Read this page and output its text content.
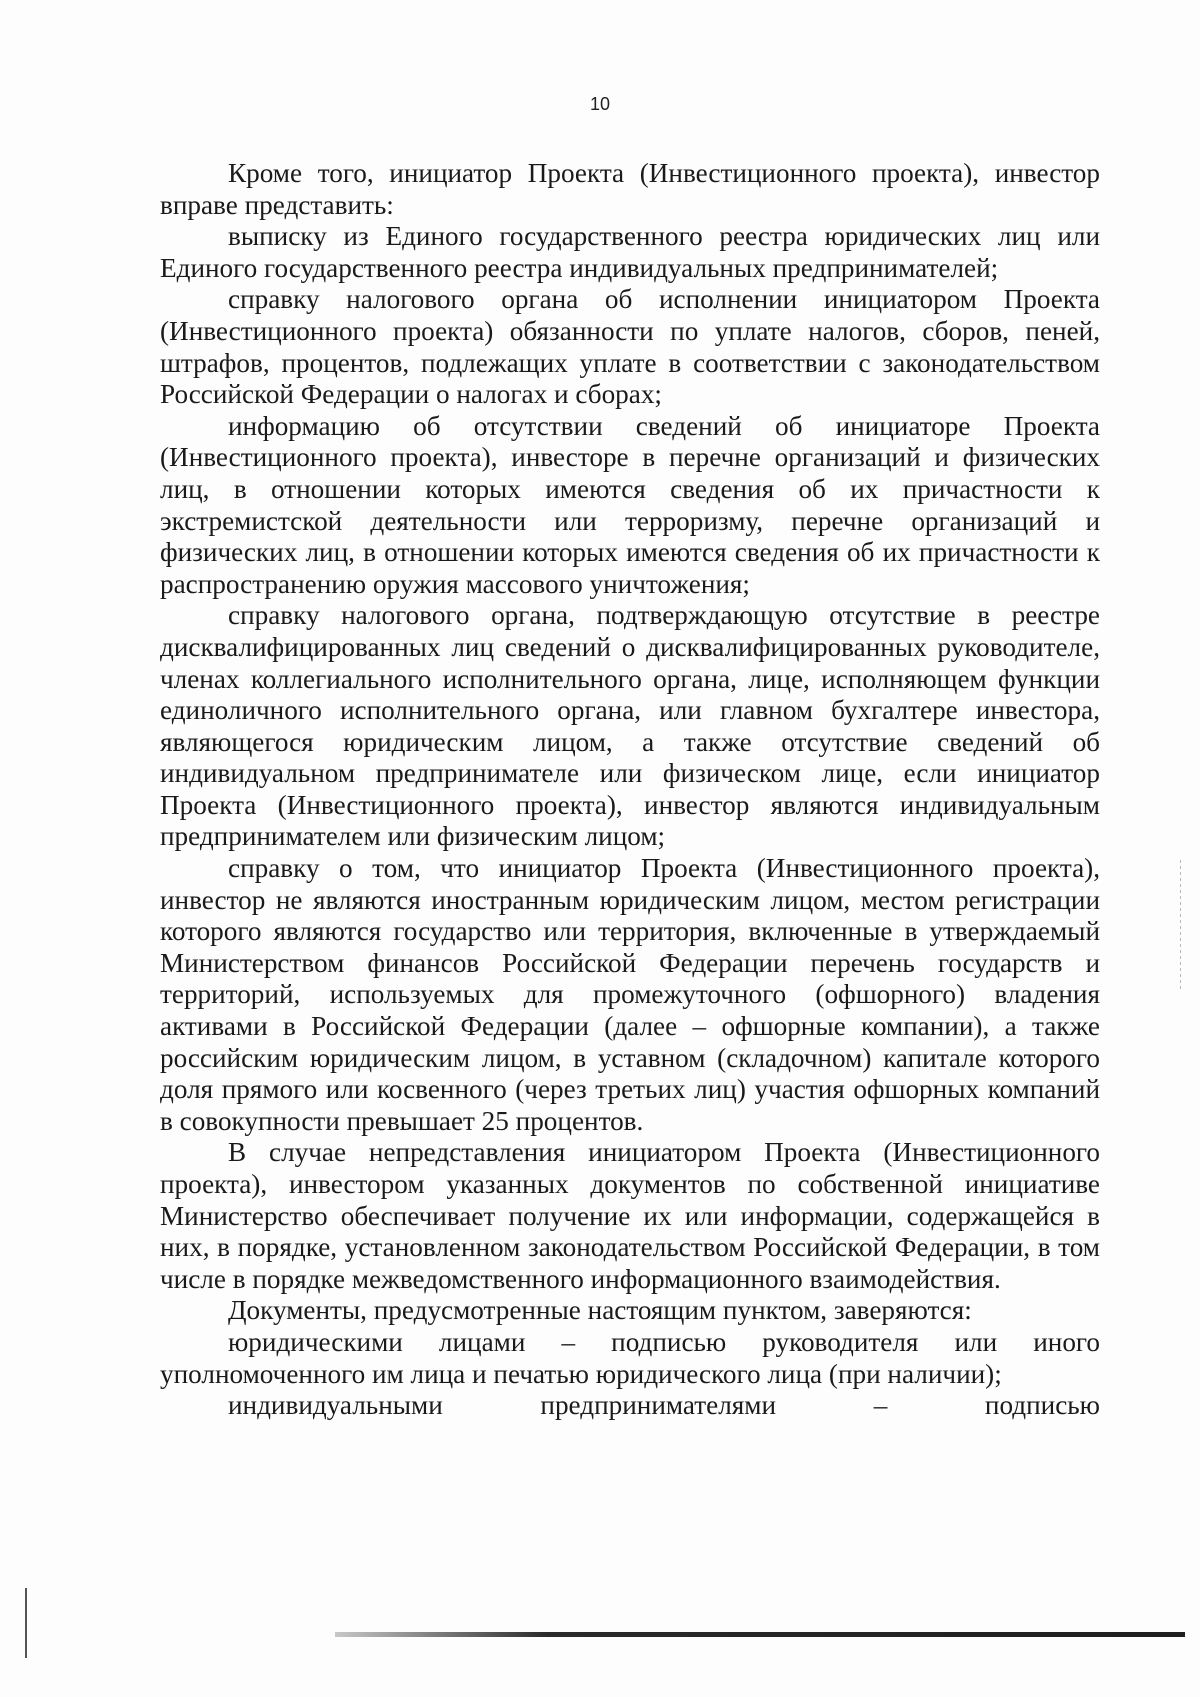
10

Кроме того, инициатор Проекта (Инвестиционного проекта), инвестор вправе представить:

выписку из Единого государственного реестра юридических лиц или Единого государственного реестра индивидуальных предпринимателей;

справку налогового органа об исполнении инициатором Проекта (Инвестиционного проекта) обязанности по уплате налогов, сборов, пеней, штрафов, процентов, подлежащих уплате в соответствии с законодательством Российской Федерации о налогах и сборах;

информацию об отсутствии сведений об инициаторе Проекта (Инвестиционного проекта), инвесторе в перечне организаций и физических лиц, в отношении которых имеются сведения об их причастности к экстремистской деятельности или терроризму, перечне организаций и физических лиц, в отношении которых имеются сведения об их причастности к распространению оружия массового уничтожения;

справку налогового органа, подтверждающую отсутствие в реестре дисквалифицированных лиц сведений о дисквалифицированных руководителе, членах коллегиального исполнительного органа, лице, исполняющем функции единоличного исполнительного органа, или главном бухгалтере инвестора, являющегося юридическим лицом, а также отсутствие сведений об индивидуальном предпринимателе или физическом лице, если инициатор Проекта (Инвестиционного проекта), инвестор являются индивидуальным предпринимателем или физическим лицом;

справку о том, что инициатор Проекта (Инвестиционного проекта), инвестор не являются иностранным юридическим лицом, местом регистрации которого являются государство или территория, включенные в утверждаемый Министерством финансов Российской Федерации перечень государств и территорий, используемых для промежуточного (офшорного) владения активами в Российской Федерации (далее – офшорные компании), а также российским юридическим лицом, в уставном (складочном) капитале которого доля прямого или косвенного (через третьих лиц) участия офшорных компаний в совокупности превышает 25 процентов.

В случае непредставления инициатором Проекта (Инвестиционного проекта), инвестором указанных документов по собственной инициативе Министерство обеспечивает получение их или информации, содержащейся в них, в порядке, установленном законодательством Российской Федерации, в том числе в порядке межведомственного информационного взаимодействия.

Документы, предусмотренные настоящим пунктом, заверяются:

юридическими лицами – подписью руководителя или иного уполномоченного им лица и печатью юридического лица (при наличии);

индивидуальными предпринимателями – подписью
